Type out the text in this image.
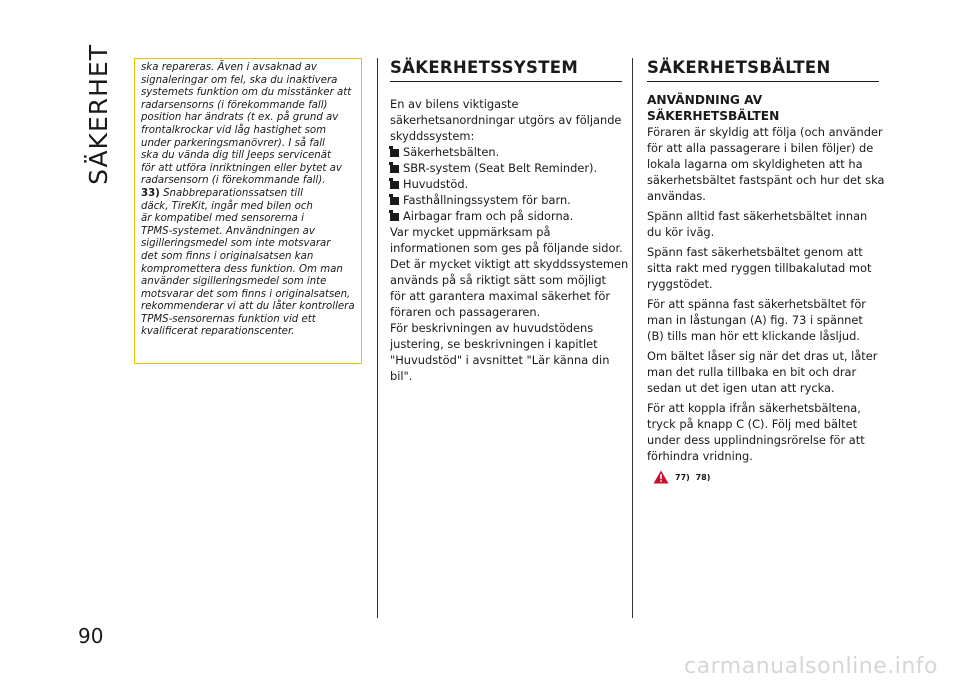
SÄKERHET
90
ska repareras. Även i avsaknad av
signaleringar om fel, ska du inaktivera
systemets funktion om du misstänker att
radarsensorns (i förekommande fall)
position har ändrats (t ex. på grund av
frontalkrockar vid låg hastighet som
under parkeringsmanövrer). I så fall
ska du vända dig till Jeeps servicenät
för att utföra inriktningen eller bytet av
radarsensorn (i förekommande fall).
33) Snabbreparationssatsen till
däck, TireKit, ingår med bilen och
är kompatibel med sensorerna i
TPMS-systemet. Användningen av
sigilleringsmedel som inte motsvarar
det som finns i originalsatsen kan
kompromettera dess funktion. Om man
använder sigilleringsmedel som inte
motsvarar det som finns i originalsatsen,
rekommenderar vi att du låter kontrollera
TPMS-sensorernas funktion vid ett
kvalificerat reparationscenter.
SÄKERHETSSYSTEM
En av bilens viktigaste
säkerhetsanordningar utgörs av följande
skyddssystem:
Säkerhetsbälten.
SBR-system (Seat Belt Reminder).
Huvudstöd.
Fasthållningssystem för barn.
Airbagar fram och på sidorna.
Var mycket uppmärksam på
informationen som ges på följande sidor.
Det är mycket viktigt att skyddssystemen
används på så riktigt sätt som möjligt
för att garantera maximal säkerhet för
föraren och passageraren.
För beskrivningen av huvudstödens
justering, se beskrivningen i kapitlet
"Huvudstöd" i avsnittet "Lär känna din
bil".
SÄKERHETSBÄLTEN
ANVÄNDNING AV
SÄKERHETSBÄLTEN
Föraren är skyldig att följa (och använder
för att alla passagerare i bilen följer) de
lokala lagarna om skyldigheten att ha
säkerhetsbältet fastspänt och hur det ska
användas.
Spänn alltid fast säkerhetsbältet innan
du kör iväg.
Spänn fast säkerhetsbältet genom att
sitta rakt med ryggen tillbakalutad mot
ryggstödet.
För att spänna fast säkerhetsbältet för
man in låstungan (A) fig. 73 i spännet
(B) tills man hör ett klickande låsljud.
Om bältet låser sig när det dras ut, låter
man det rulla tillbaka en bit och drar
sedan ut det igen utan att rycka.
För att koppla ifrån säkerhetsbältena,
tryck på knapp C (C). Följ med bältet
under dess upplindningsrörelse för att
förhindra vridning.
77) 78)
carmanualsonline.info
